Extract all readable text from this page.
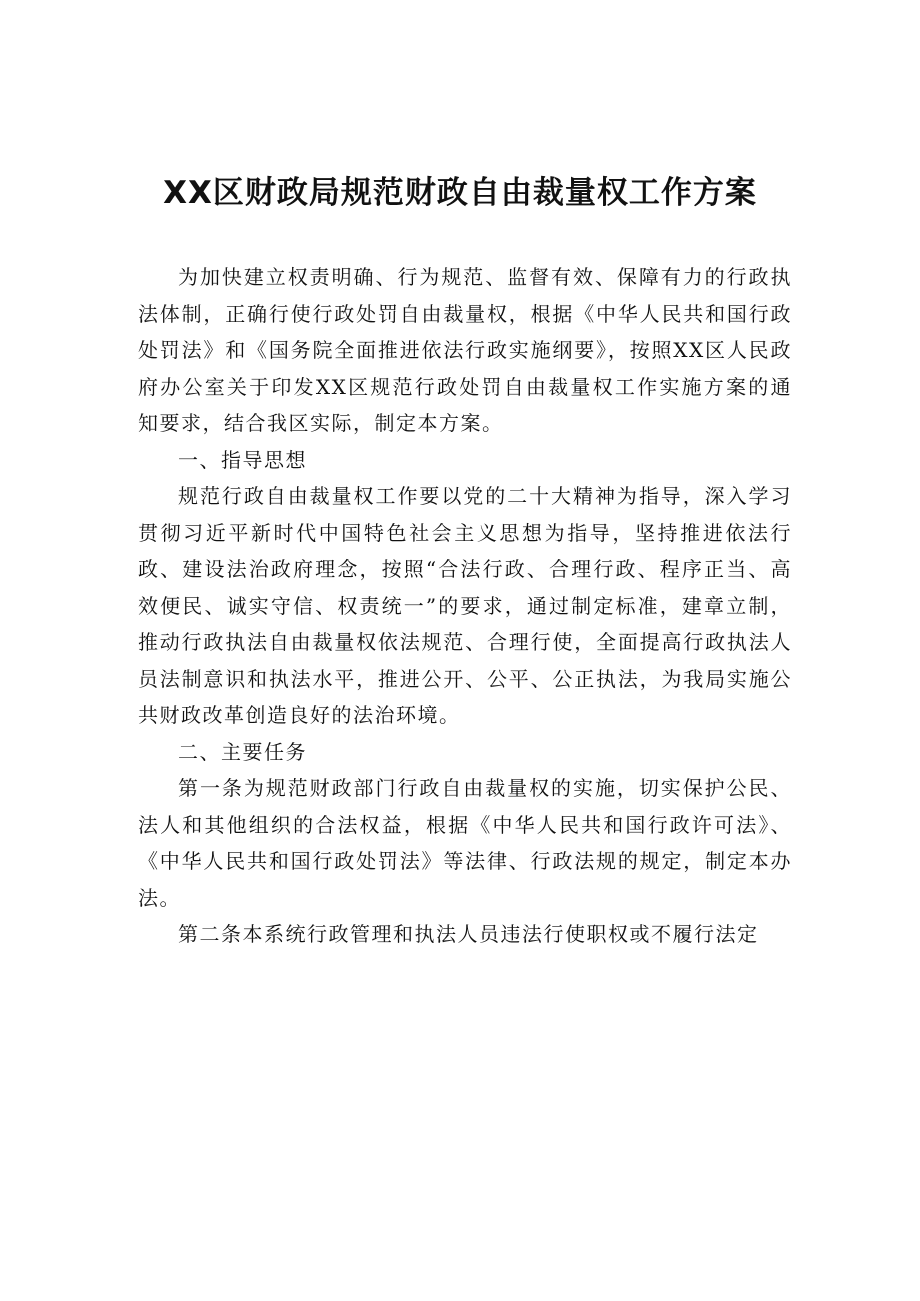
XX区财政局规范财政自由裁量权工作方案

为加快建立权责明确、行为规范、监督有效、保障有力的行政执法体制，正确行使行政处罚自由裁量权，根据《中华人民共和国行政处罚法》和《国务院全面推进依法行政实施纲要》，按照XX区人民政府办公室关于印发XX区规范行政处罚自由裁量权工作实施方案的通知要求，结合我区实际，制定本方案。

一、指导思想

规范行政自由裁量权工作要以党的二十大精神为指导，深入学习贯彻习近平新时代中国特色社会主义思想为指导，坚持推进依法行政、建设法治政府理念，按照“合法行政、合理行政、程序正当、高效便民、诚实守信、权责统一”的要求，通过制定标准，建章立制，推动行政执法自由裁量权依法规范、合理行使，全面提高行政执法人员法制意识和执法水平，推进公开、公平、公正执法，为我局实施公共财政改革创造良好的法治环境。

二、主要任务

第一条为规范财政部门行政自由裁量权的实施，切实保护公民、法人和其他组织的合法权益，根据《中华人民共和国行政许可法》、《中华人民共和国行政处罚法》等法律、行政法规的规定，制定本办法。

第二条本系统行政管理和执法人员违法行使职权或不履行法定
